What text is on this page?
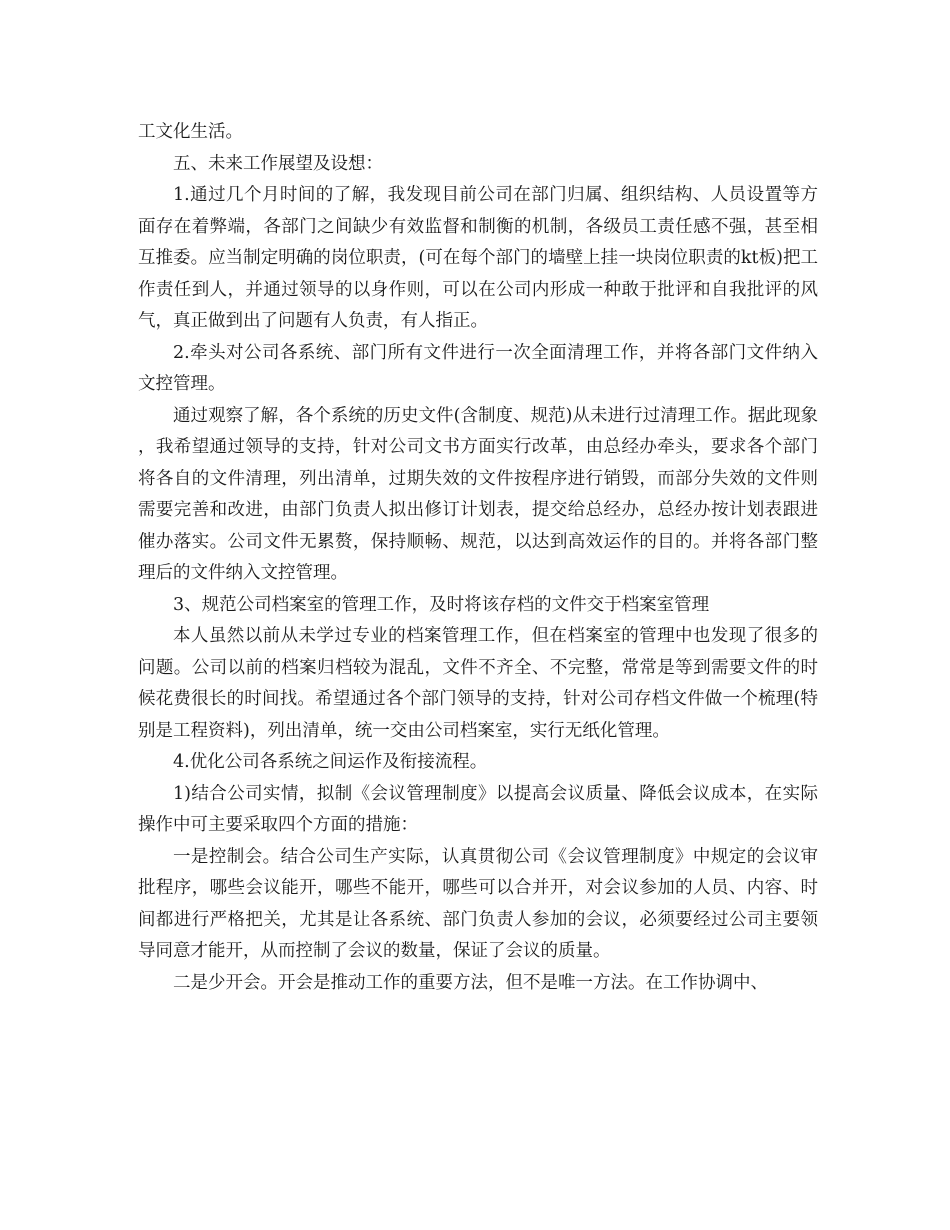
工文化生活。

五、未来工作展望及设想：

1.通过几个月时间的了解，我发现目前公司在部门归属、组织结构、人员设置等方面存在着弊端，各部门之间缺少有效监督和制衡的机制，各级员工责任感不强，甚至相互推委。应当制定明确的岗位职责，(可在每个部门的墙壁上挂一块岗位职责的kt板)把工作责任到人，并通过领导的以身作则，可以在公司内形成一种敢于批评和自我批评的风气，真正做到出了问题有人负责，有人指正。

2.牵头对公司各系统、部门所有文件进行一次全面清理工作，并将各部门文件纳入文控管理。

通过观察了解，各个系统的历史文件(含制度、规范)从未进行过清理工作。据此现象，我希望通过领导的支持，针对公司文书方面实行改革，由总经办牵头，要求各个部门将各自的文件清理，列出清单，过期失效的文件按程序进行销毁，而部分失效的文件则需要完善和改进，由部门负责人拟出修订计划表，提交给总经办，总经办按计划表跟进催办落实。公司文件无累赘，保持顺畅、规范，以达到高效运作的目的。并将各部门整理后的文件纳入文控管理。

3、规范公司档案室的管理工作，及时将该存档的文件交于档案室管理

本人虽然以前从未学过专业的档案管理工作，但在档案室的管理中也发现了很多的问题。公司以前的档案归档较为混乱，文件不齐全、不完整，常常是等到需要文件的时候花费很长的时间找。希望通过各个部门领导的支持，针对公司存档文件做一个梳理(特别是工程资料)，列出清单，统一交由公司档案室，实行无纸化管理。

4.优化公司各系统之间运作及衔接流程。

1)结合公司实情，拟制《会议管理制度》以提高会议质量、降低会议成本，在实际操作中可主要采取四个方面的措施：

一是控制会。结合公司生产实际，认真贯彻公司《会议管理制度》中规定的会议审批程序，哪些会议能开，哪些不能开，哪些可以合并开，对会议参加的人员、内容、时间都进行严格把关，尤其是让各系统、部门负责人参加的会议，必须要经过公司主要领导同意才能开，从而控制了会议的数量，保证了会议的质量。

二是少开会。开会是推动工作的重要方法，但不是唯一方法。在工作协调中、
